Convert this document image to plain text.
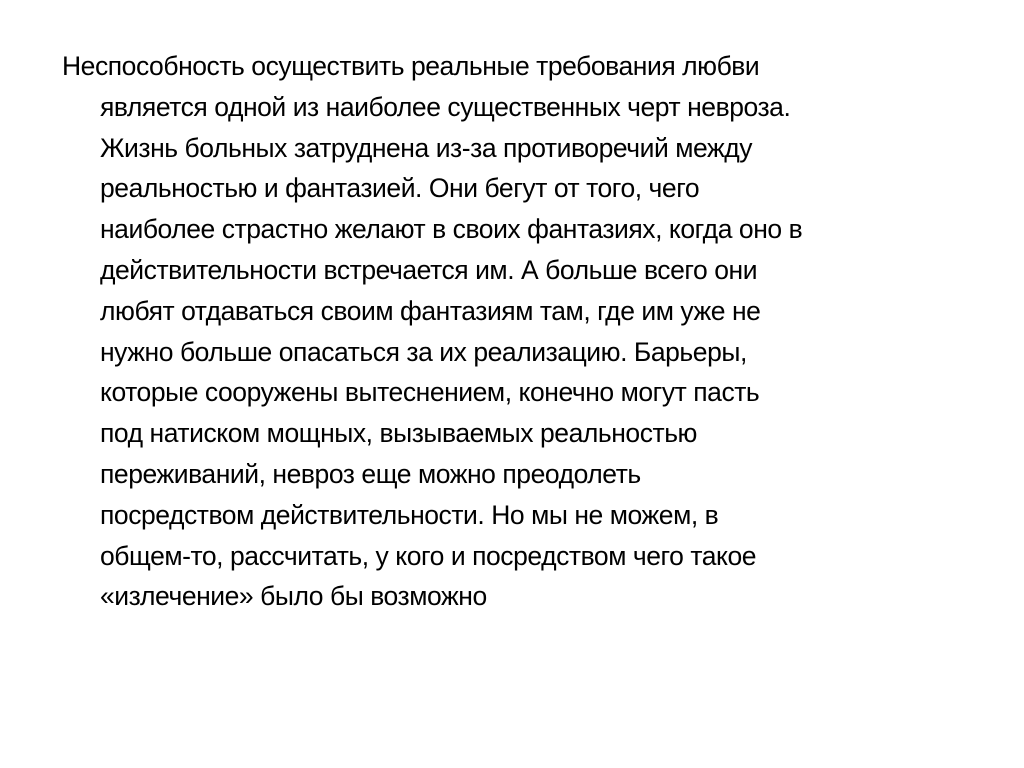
Неспособность осуществить реальные требования любви
является одной из наиболее существенных черт невроза.
Жизнь больных затруднена из-за противоречий между
реальностью и фантазией. Они бегут от того, чего
наиболее страстно желают в своих фантазиях, когда оно в
действительности встречается им. А больше всего они
любят отдаваться своим фантазиям там, где им уже не
нужно больше опасаться за их реализацию. Барьеры,
которые сооружены вытеснением, конечно могут пасть
под натиском мощных, вызываемых реальностью
переживаний, невроз еще можно преодолеть
посредством действительности. Но мы не можем, в
общем-то, рассчитать, у кого и посредством чего такое
«излечение» было бы возможно
